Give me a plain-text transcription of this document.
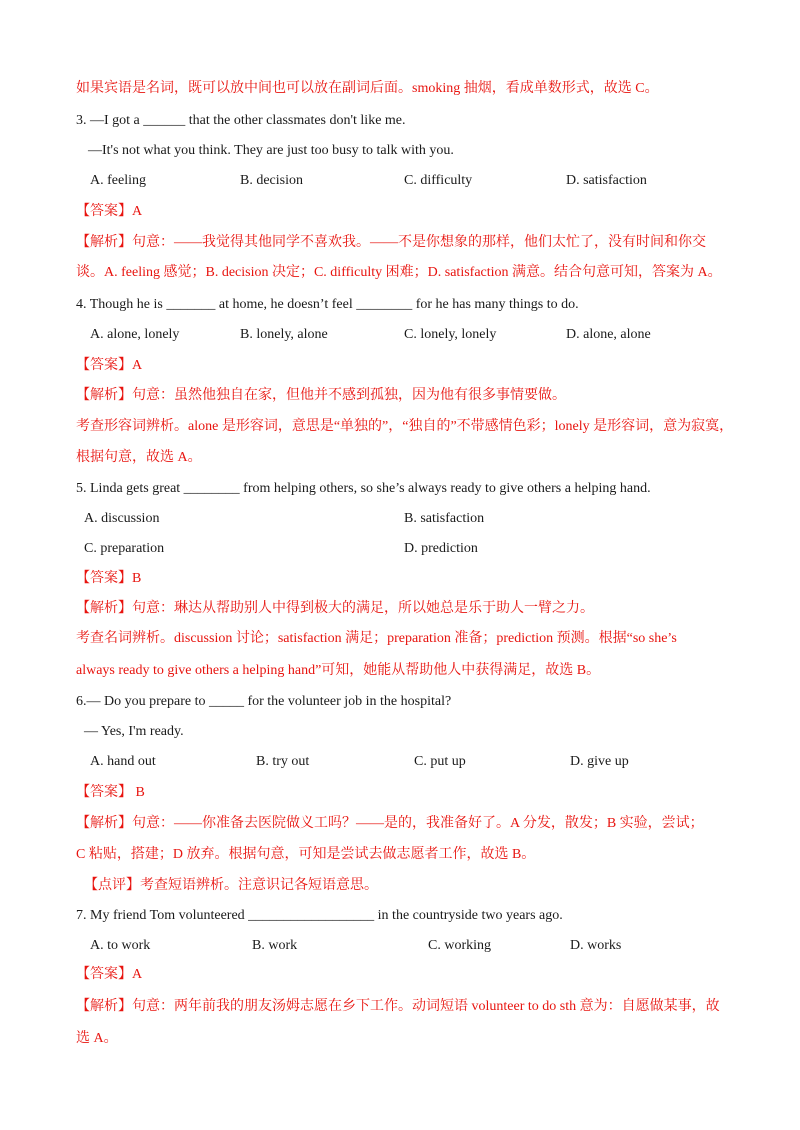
如果宾语是名词，既可以放中间也可以放在副词后面。smoking 抽烟，看成单数形式，故选 C。
3. —I got a ______ that the other classmates don't like me.
—It's not what you think. They are just too busy to talk with you.
A. feeling	B. decision	C. difficulty	D. satisfaction
【答案】A
【解析】句意：——我觉得其他同学不喜欢我。——不是你想象的那样，他们太忙了，没有时间和你交
谈。A. feeling 感觉；B. decision 决定；C. difficulty 困难；D. satisfaction 满意。结合句意可知，答案为 A。
4. Though he is _______ at home, he doesn’t feel ________ for he has many things to do.
A. alone, lonely	B. lonely, alone	C. lonely, lonely	D. alone, alone
【答案】A
【解析】句意：虽然他独自在家，但他并不感到孤独，因为他有很多事情要做。
考查形容词辨析。alone 是形容词，意思是“单独的”，“独自的”不带感情色彩；lonely 是形容词，意为寂寞，
根据句意，故选 A。
5. Linda gets great ________ from helping others, so she’s always ready to give others a helping hand.
A. discussion	B. satisfaction
C. preparation	D. prediction
【答案】B
【解析】句意：琳达从帮助别人中得到极大的满足，所以她总是乐于助人一臂之力。
考查名词辨析。discussion 讨论；satisfaction 满足；preparation 准备；prediction 预测。根据“so she’s
always ready to give others a helping hand”可知，她能从帮助他人中获得满足，故选 B。
6.— Do you prepare to _____ for the volunteer job in the hospital?
— Yes, I'm ready.
A. hand out	B. try out	C. put up	D. give up
【答案】 B
【解析】句意：——你准备去医院做义工吗？——是的，我准备好了。A 分发，散发；B 实验，尝试；
C 粘贴，搭建；D 放弃。根据句意，可知是尝试去做志愿者工作，故选 B。
【点评】考查短语辨析。注意识记各短语意思。
7. My friend Tom volunteered __________________ in the countryside two years ago.
A. to work	B. work	C. working	D. works
【答案】A
【解析】句意：两年前我的朋友汤姆志愿在乡下工作。动词短语 volunteer to do sth 意为：自愿做某事，故
选 A。
